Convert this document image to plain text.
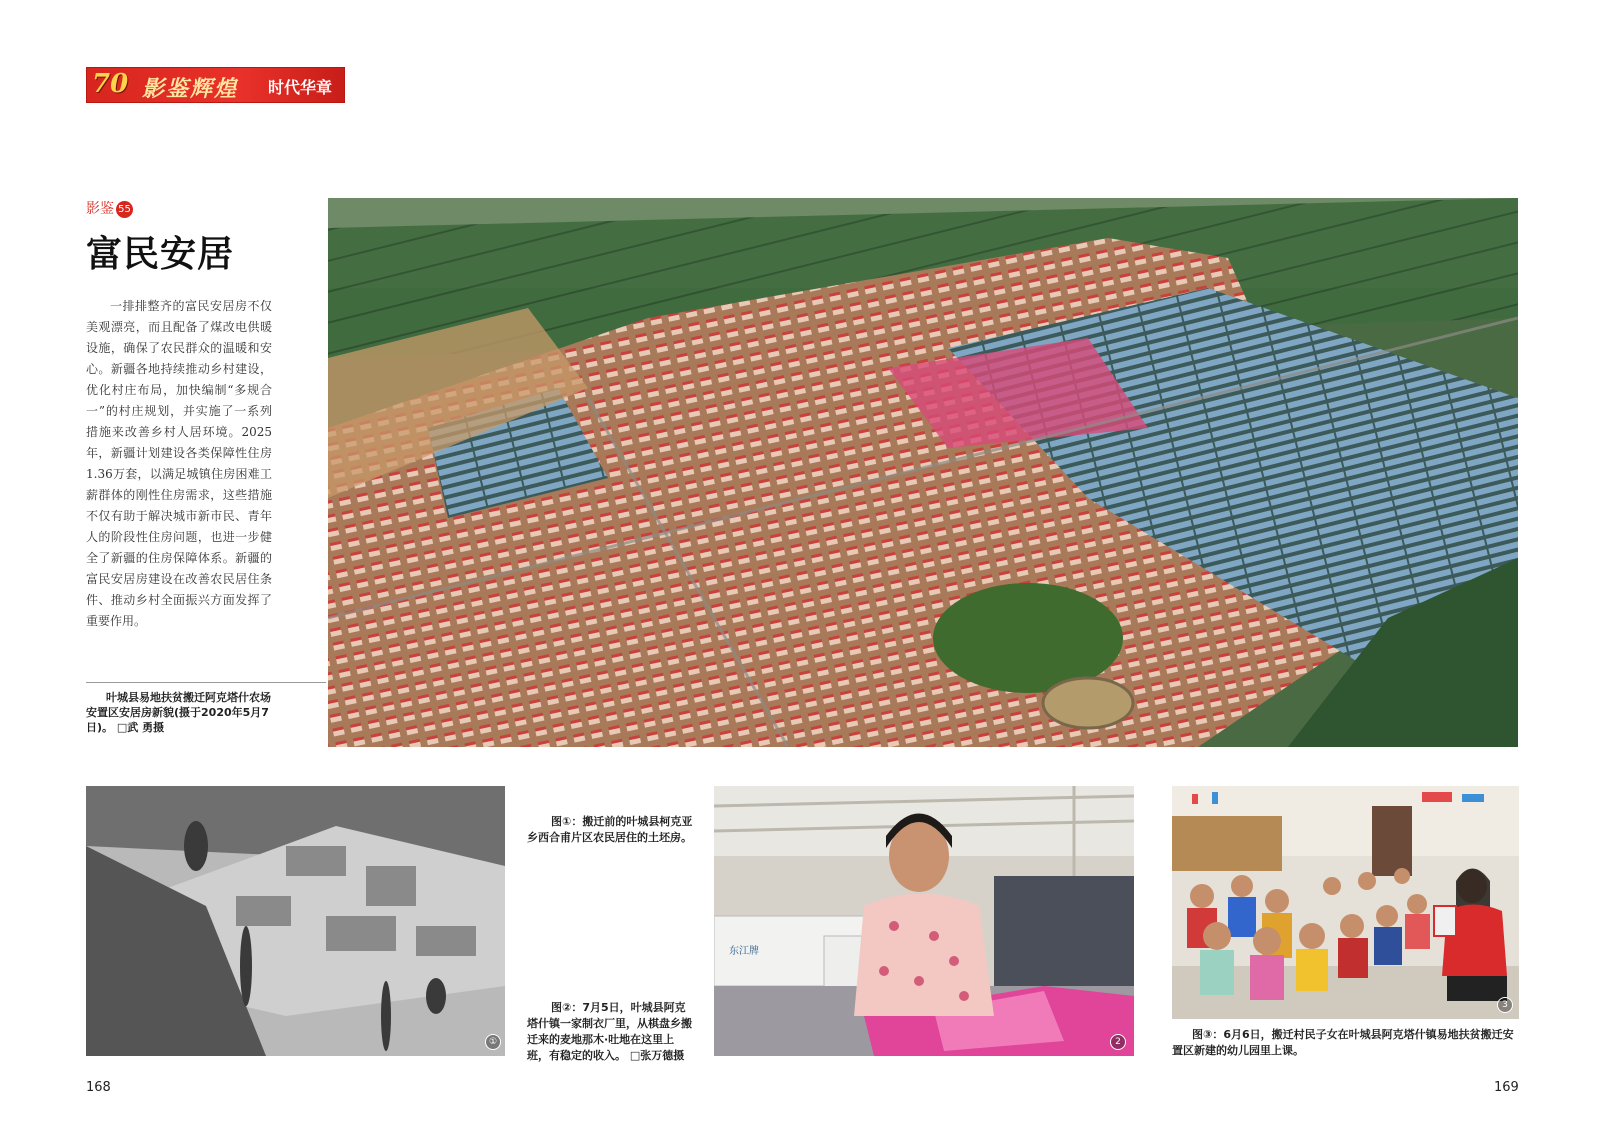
70 影鉴辉煌 时代华章
影鉴 55
富民安居
一排排整齐的富民安居房不仅美观漂亮，而且配备了煤改电供暖设施，确保了农民群众的温暖和安心。新疆各地持续推动乡村建设，优化村庄布局，加快编制“多规合一”的村庄规划，并实施了一系列措施来改善乡村人居环境。2025年，新疆计划建设各类保障性住房1.36万套，以满足城镇住房困难工薪群体的刚性住房需求，这些措施不仅有助于解决城市新市民、青年人的阶段性住房问题，也进一步健全了新疆的住房保障体系。新疆的富民安居房建设在改善农民居住条件、推动乡村全面振兴方面发挥了重要作用。
叶城县易地扶贫搬迁阿克塔什农场安置区安居房新貌(摄于2020年5月7日)。 □武 勇摄
①
图①：搬迁前的叶城县柯克亚乡西合甫片区农民居住的土坯房。
图②：7月5日，叶城县阿克塔什镇一家制衣厂里，从棋盘乡搬迁来的麦地那木·吐地在这里上班，有稳定的收入。 □张万德摄
东江牌
2
3
图③：6月6日，搬迁村民子女在叶城县阿克塔什镇易地扶贫搬迁安置区新建的幼儿园里上课。
168	169
